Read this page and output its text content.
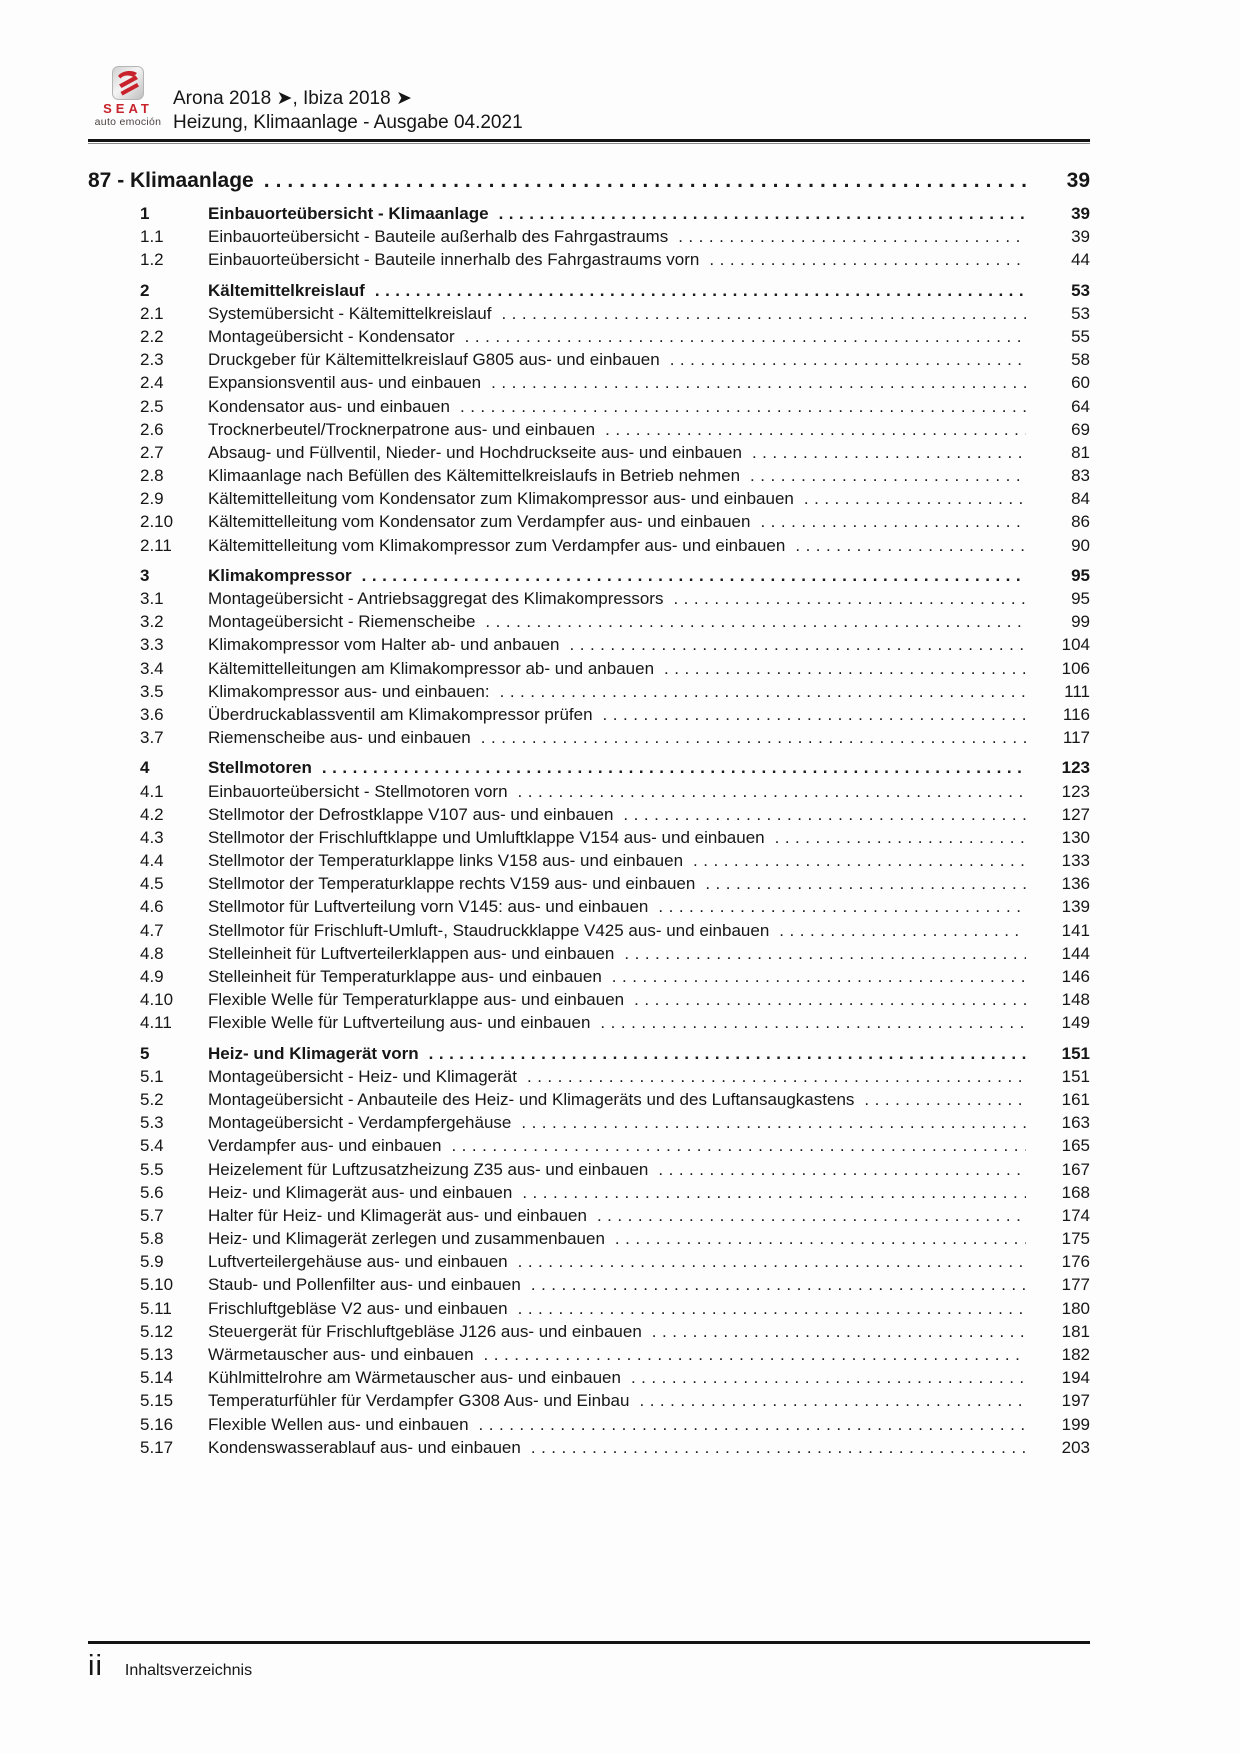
SEAT
auto emoción
Arona 2018 ➤, Ibiza 2018 ➤
Heizung, Klimaanlage - Ausgabe 04.2021
87 - Klimaanlage .....	39
1	Einbauorteübersicht - Klimaanlage .....	39
1.1	Einbauorteübersicht - Bauteile außerhalb des Fahrgastraums .....	39
1.2	Einbauorteübersicht - Bauteile innerhalb des Fahrgastraums vorn .....	44
2	Kältemittelkreislauf .....	53
2.1	Systemübersicht - Kältemittelkreislauf .....	53
2.2	Montageübersicht - Kondensator .....	55
2.3	Druckgeber für Kältemittelkreislauf G805 aus- und einbauen .....	58
2.4	Expansionsventil aus- und einbauen .....	60
2.5	Kondensator aus- und einbauen .....	64
2.6	Trocknerbeutel/Trocknerpatrone aus- und einbauen .....	69
2.7	Absaug- und Füllventil, Nieder- und Hochdruckseite aus- und einbauen .....	81
2.8	Klimaanlage nach Befüllen des Kältemittelkreislaufs in Betrieb nehmen .....	83
2.9	Kältemittelleitung vom Kondensator zum Klimakompressor aus- und einbauen .....	84
2.10	Kältemittelleitung vom Kondensator zum Verdampfer aus- und einbauen .....	86
2.11	Kältemittelleitung vom Klimakompressor zum Verdampfer aus- und einbauen .....	90
3	Klimakompressor .....	95
3.1	Montageübersicht - Antriebsaggregat des Klimakompressors .....	95
3.2	Montageübersicht - Riemenscheibe .....	99
3.3	Klimakompressor vom Halter ab- und anbauen .....	104
3.4	Kältemittelleitungen am Klimakompressor ab- und anbauen .....	106
3.5	Klimakompressor aus- und einbauen: .....	111
3.6	Überdruckablassventil am Klimakompressor prüfen .....	116
3.7	Riemenscheibe aus- und einbauen .....	117
4	Stellmotoren .....	123
4.1	Einbauorteübersicht - Stellmotoren vorn .....	123
4.2	Stellmotor der Defrostklappe V107 aus- und einbauen .....	127
4.3	Stellmotor der Frischluftklappe und Umluftklappe V154 aus- und einbauen .....	130
4.4	Stellmotor der Temperaturklappe links V158 aus- und einbauen .....	133
4.5	Stellmotor der Temperaturklappe rechts V159 aus- und einbauen .....	136
4.6	Stellmotor für Luftverteilung vorn V145: aus- und einbauen .....	139
4.7	Stellmotor für Frischluft-Umluft-, Staudruckklappe V425 aus- und einbauen .....	141
4.8	Stelleinheit für Luftverteilerklappen aus- und einbauen .....	144
4.9	Stelleinheit für Temperaturklappe aus- und einbauen .....	146
4.10	Flexible Welle für Temperaturklappe aus- und einbauen .....	148
4.11	Flexible Welle für Luftverteilung aus- und einbauen .....	149
5	Heiz- und Klimagerät vorn .....	151
5.1	Montageübersicht - Heiz- und Klimagerät .....	151
5.2	Montageübersicht - Anbauteile des Heiz- und Klimageräts und des Luftansaugkastens .....	161
5.3	Montageübersicht - Verdampfergehäuse .....	163
5.4	Verdampfer aus- und einbauen .....	165
5.5	Heizelement für Luftzusatzheizung Z35 aus- und einbauen .....	167
5.6	Heiz- und Klimagerät aus- und einbauen .....	168
5.7	Halter für Heiz- und Klimagerät aus- und einbauen .....	174
5.8	Heiz- und Klimagerät zerlegen und zusammenbauen .....	175
5.9	Luftverteilergehäuse aus- und einbauen .....	176
5.10	Staub- und Pollenfilter aus- und einbauen .....	177
5.11	Frischluftgebläse V2 aus- und einbauen .....	180
5.12	Steuergerät für Frischluftgebläse J126 aus- und einbauen .....	181
5.13	Wärmetauscher aus- und einbauen .....	182
5.14	Kühlmittelrohre am Wärmetauscher aus- und einbauen .....	194
5.15	Temperaturfühler für Verdampfer G308 Aus- und Einbau .....	197
5.16	Flexible Wellen aus- und einbauen .....	199
5.17	Kondenswasserablauf aus- und einbauen .....	203
ii Inhaltsverzeichnis
